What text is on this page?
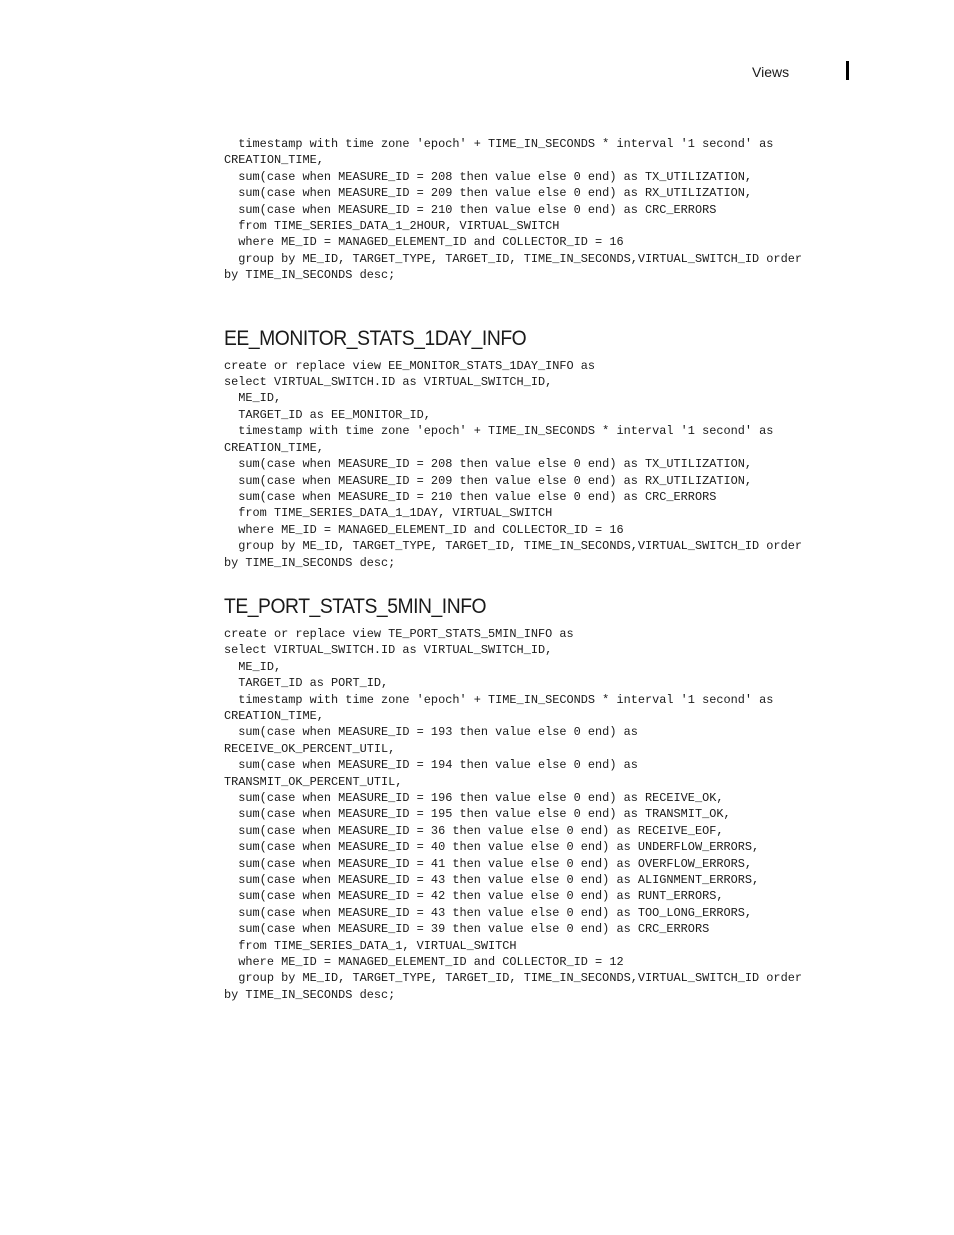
Views
timestamp with time zone 'epoch' + TIME_IN_SECONDS * interval '1 second' as
CREATION_TIME,
sum(case when MEASURE_ID = 208 then value else 0 end) as TX_UTILIZATION,
sum(case when MEASURE_ID = 209 then value else 0 end) as RX_UTILIZATION,
sum(case when MEASURE_ID = 210 then value else 0 end) as CRC_ERRORS
from TIME_SERIES_DATA_1_2HOUR, VIRTUAL_SWITCH
where ME_ID = MANAGED_ELEMENT_ID and COLLECTOR_ID = 16
group by ME_ID, TARGET_TYPE, TARGET_ID, TIME_IN_SECONDS,VIRTUAL_SWITCH_ID order
by TIME_IN_SECONDS desc;
EE_MONITOR_STATS_1DAY_INFO
create or replace view EE_MONITOR_STATS_1DAY_INFO as
select VIRTUAL_SWITCH.ID as VIRTUAL_SWITCH_ID,
ME_ID,
TARGET_ID as EE_MONITOR_ID,
timestamp with time zone 'epoch' + TIME_IN_SECONDS * interval '1 second' as
CREATION_TIME,
sum(case when MEASURE_ID = 208 then value else 0 end) as TX_UTILIZATION,
sum(case when MEASURE_ID = 209 then value else 0 end) as RX_UTILIZATION,
sum(case when MEASURE_ID = 210 then value else 0 end) as CRC_ERRORS
from TIME_SERIES_DATA_1_1DAY, VIRTUAL_SWITCH
where ME_ID = MANAGED_ELEMENT_ID and COLLECTOR_ID = 16
group by ME_ID, TARGET_TYPE, TARGET_ID, TIME_IN_SECONDS,VIRTUAL_SWITCH_ID order
by TIME_IN_SECONDS desc;
TE_PORT_STATS_5MIN_INFO
create or replace view TE_PORT_STATS_5MIN_INFO as
select VIRTUAL_SWITCH.ID as VIRTUAL_SWITCH_ID,
ME_ID,
TARGET_ID as PORT_ID,
timestamp with time zone 'epoch' + TIME_IN_SECONDS * interval '1 second' as
CREATION_TIME,
sum(case when MEASURE_ID = 193 then value else 0 end) as
RECEIVE_OK_PERCENT_UTIL,
sum(case when MEASURE_ID = 194 then value else 0 end) as
TRANSMIT_OK_PERCENT_UTIL,
sum(case when MEASURE_ID = 196 then value else 0 end) as RECEIVE_OK,
sum(case when MEASURE_ID = 195 then value else 0 end) as TRANSMIT_OK,
sum(case when MEASURE_ID = 36 then value else 0 end) as RECEIVE_EOF,
sum(case when MEASURE_ID = 40 then value else 0 end) as UNDERFLOW_ERRORS,
sum(case when MEASURE_ID = 41 then value else 0 end) as OVERFLOW_ERRORS,
sum(case when MEASURE_ID = 43 then value else 0 end) as ALIGNMENT_ERRORS,
sum(case when MEASURE_ID = 42 then value else 0 end) as RUNT_ERRORS,
sum(case when MEASURE_ID = 43 then value else 0 end) as TOO_LONG_ERRORS,
sum(case when MEASURE_ID = 39 then value else 0 end) as CRC_ERRORS
from TIME_SERIES_DATA_1, VIRTUAL_SWITCH
where ME_ID = MANAGED_ELEMENT_ID and COLLECTOR_ID = 12
group by ME_ID, TARGET_TYPE, TARGET_ID, TIME_IN_SECONDS,VIRTUAL_SWITCH_ID order
by TIME_IN_SECONDS desc;
